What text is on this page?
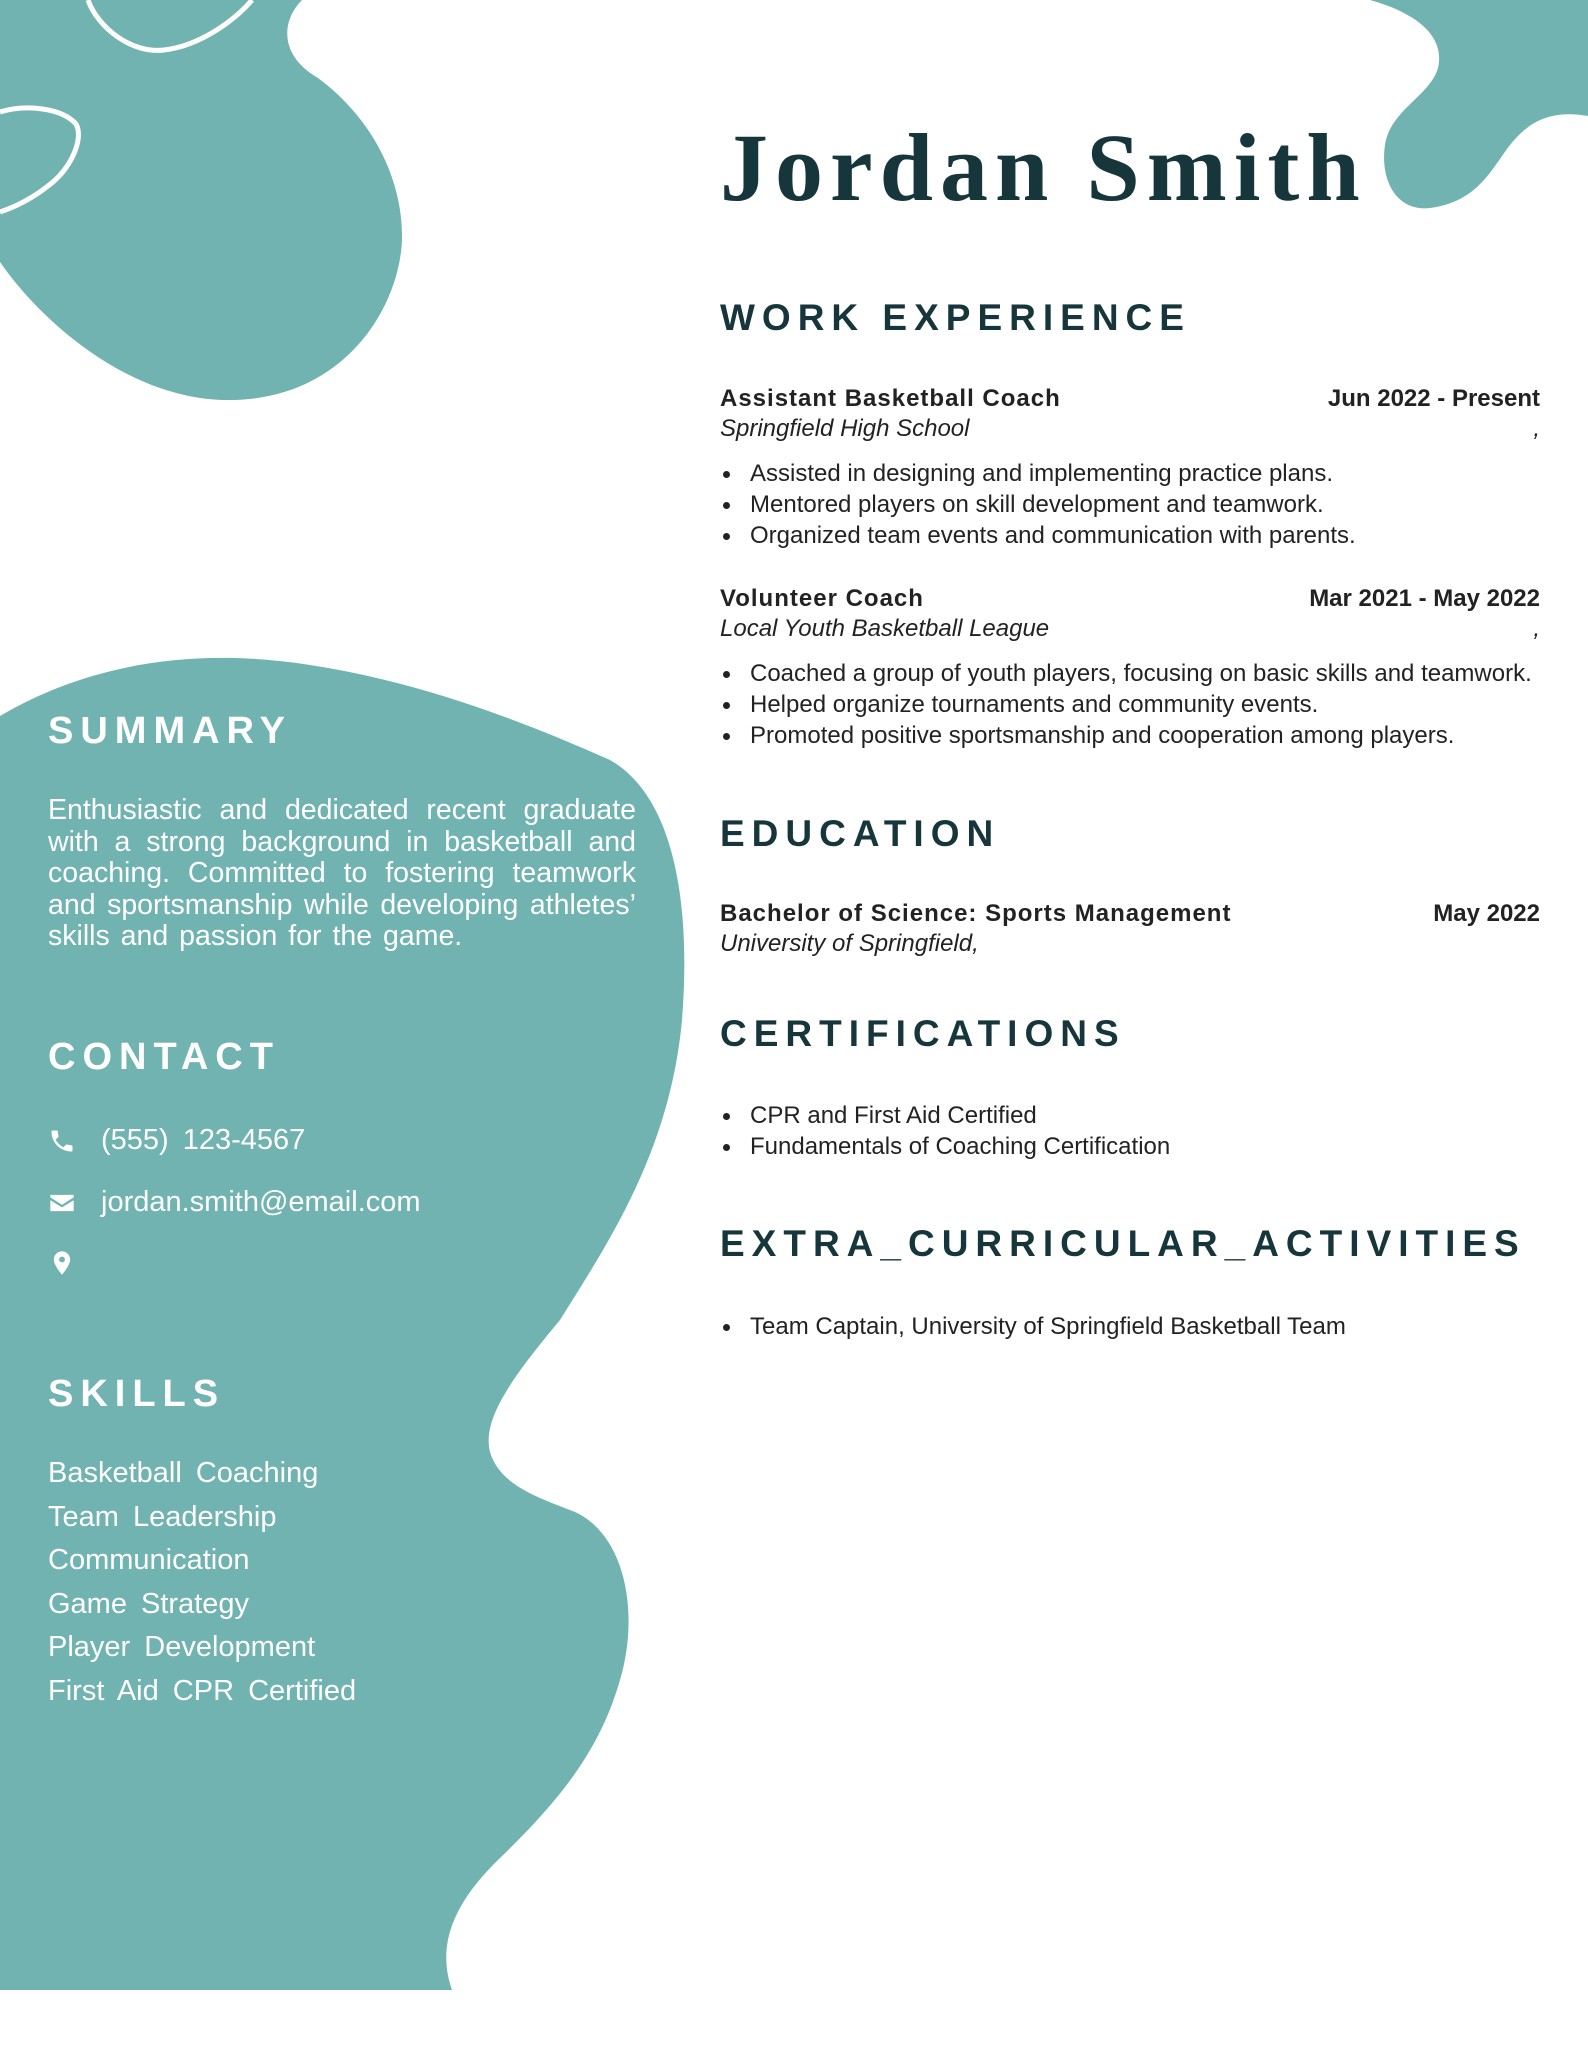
SUMMARY
Enthusiastic and dedicated recent graduate with a strong background in basketball and coaching. Committed to fostering teamwork and sportsmanship while developing athletes’ skills and passion for the game.
CONTACT
(555) 123-4567
jordan.smith@email.com
SKILLS
Basketball Coaching
Team Leadership
Communication
Game Strategy
Player Development
First Aid CPR Certified
Jordan Smith
WORK EXPERIENCE
Assistant Basketball Coach	Jun 2022 - Present
Springfield High School	,
Assisted in designing and implementing practice plans.
Mentored players on skill development and teamwork.
Organized team events and communication with parents.
Volunteer Coach	Mar 2021 - May 2022
Local Youth Basketball League	,
Coached a group of youth players, focusing on basic skills and teamwork.
Helped organize tournaments and community events.
Promoted positive sportsmanship and cooperation among players.
EDUCATION
Bachelor of Science: Sports Management	May 2022
University of Springfield,
CERTIFICATIONS
CPR and First Aid Certified
Fundamentals of Coaching Certification
EXTRA_CURRICULAR_ACTIVITIES
Team Captain, University of Springfield Basketball Team
